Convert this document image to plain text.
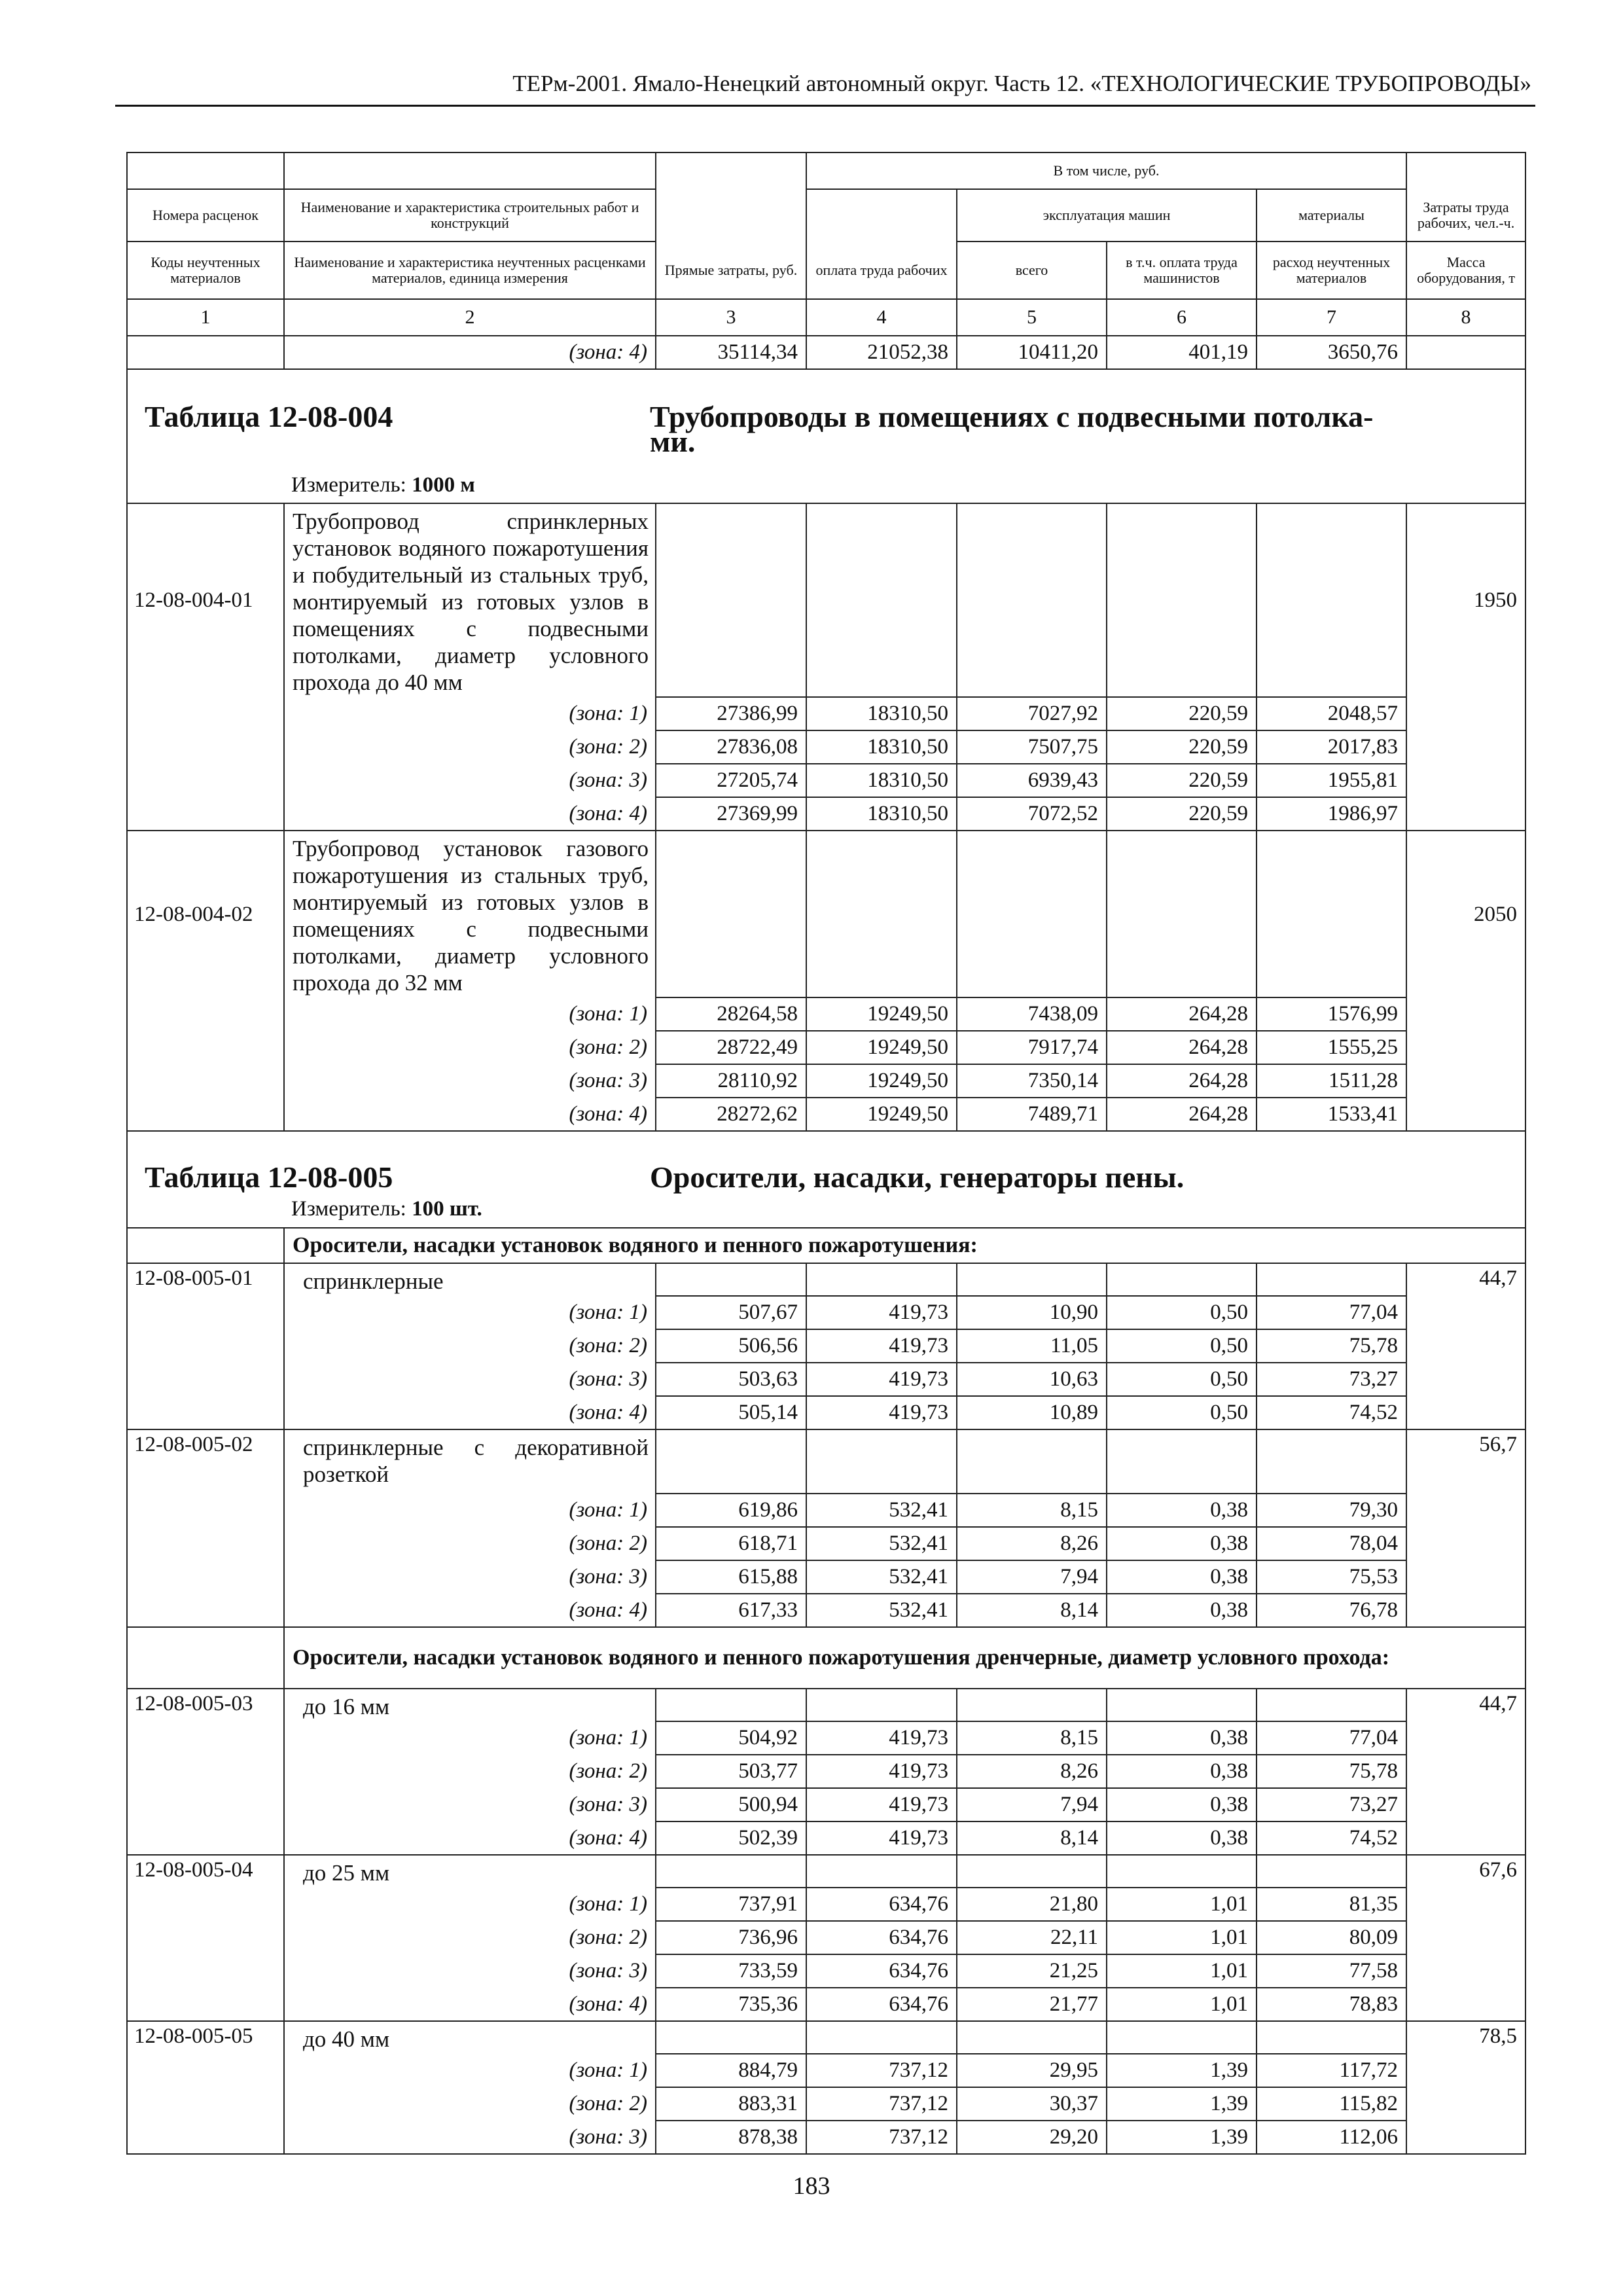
ТЕРм-2001. Ямало-Ненецкий автономный округ. Часть 12. «ТЕХНОЛОГИЧЕСКИЕ ТРУБОПРОВОДЫ»
			В том числе, руб.				
Номера расценок	Наименование и характеристика строительных работ и конструкций			эксплуатация машин		материалы	Затраты труда рабочих, чел.-ч.
Коды неучтенных материалов	Наименование и характеристика неучтенных расценками материалов, единица измерения	Прямые затраты, руб.	оплата труда рабочих	всего	в т.ч. оплата труда машинистов	расход неучтенных материалов	Масса оборудования, т
1	2	3	4	5	6	7	8
	(зона: 4)	35114,34	21052,38	10411,20	401,19	3650,76	

Таблица 12-08-004 Трубопроводы в помещениях с подвесными потолка-
ми.
Измеритель: 1000 м							

12-08-004-01	Трубопровод спринклерных установок водяного пожаротушения и побудительный из стальных труб, монтируемый из готовых узлов в помещениях с подвесными потолками, диаметр условного прохода до 40 мм						1950
	(зона: 1)	27386,99	18310,50	7027,92	220,59	2048,57	
	(зона: 2)	27836,08	18310,50	7507,75	220,59	2017,83	
	(зона: 3)	27205,74	18310,50	6939,43	220,59	1955,81	
	(зона: 4)	27369,99	18310,50	7072,52	220,59	1986,97	
12-08-004-02	Трубопровод установок газового пожаротушения из стальных труб, монтируемый из готовых узлов в помещениях с подвесными потолками, диаметр условного прохода до 32 мм						2050
	(зона: 1)	28264,58	19249,50	7438,09	264,28	1576,99	
	(зона: 2)	28722,49	19249,50	7917,74	264,28	1555,25	
	(зона: 3)	28110,92	19249,50	7350,14	264,28	1511,28	
	(зона: 4)	28272,62	19249,50	7489,71	264,28	1533,41	

Таблица 12-08-005 Оросители, насадки, генераторы пены.
Измеритель: 100 шт.							

	Оросители, насадки установок водяного и пенного пожаротушения:						
12-08-005-01	спринклерные						44,7
	(зона: 1)	507,67	419,73	10,90	0,50	77,04	
	(зона: 2)	506,56	419,73	11,05	0,50	75,78	
	(зона: 3)	503,63	419,73	10,63	0,50	73,27	
	(зона: 4)	505,14	419,73	10,89	0,50	74,52	
12-08-005-02	спринклерные с декоративной розеткой						56,7
	(зона: 1)	619,86	532,41	8,15	0,38	79,30	
	(зона: 2)	618,71	532,41	8,26	0,38	78,04	
	(зона: 3)	615,88	532,41	7,94	0,38	75,53	
	(зона: 4)	617,33	532,41	8,14	0,38	76,78	
	Оросители, насадки установок водяного и пенного пожаротушения дренчерные, диаметр условного прохода:						
12-08-005-03	до 16 мм						44,7
	(зона: 1)	504,92	419,73	8,15	0,38	77,04	
	(зона: 2)	503,77	419,73	8,26	0,38	75,78	
	(зона: 3)	500,94	419,73	7,94	0,38	73,27	
	(зона: 4)	502,39	419,73	8,14	0,38	74,52	
12-08-005-04	до 25 мм						67,6
	(зона: 1)	737,91	634,76	21,80	1,01	81,35	
	(зона: 2)	736,96	634,76	22,11	1,01	80,09	
	(зона: 3)	733,59	634,76	21,25	1,01	77,58	
	(зона: 4)	735,36	634,76	21,77	1,01	78,83	
12-08-005-05	до 40 мм						78,5
	(зона: 1)	884,79	737,12	29,95	1,39	117,72	
	(зона: 2)	883,31	737,12	30,37	1,39	115,82	
	(зона: 3)	878,38	737,12	29,20	1,39	112,06	
183
